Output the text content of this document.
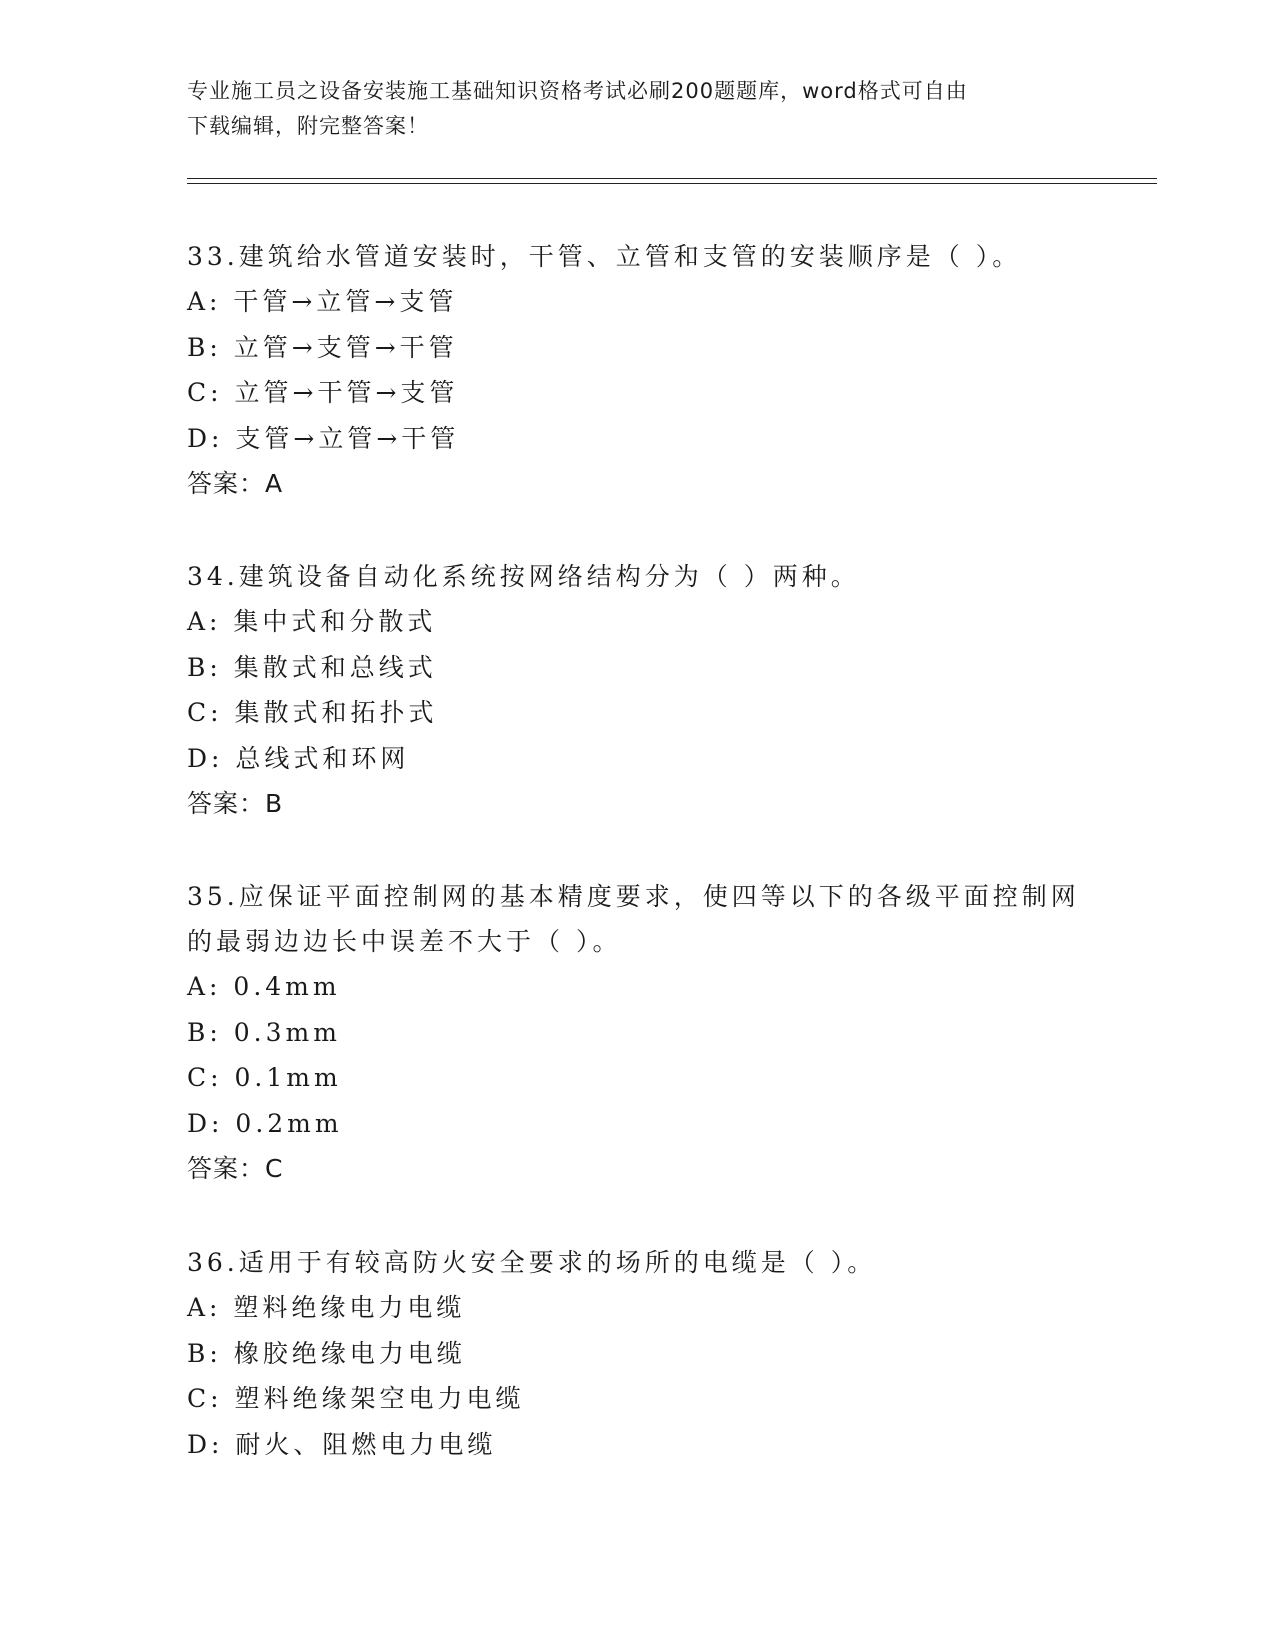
专业施工员之设备安装施工基础知识资格考试必刷200题题库，word格式可自由
下载编辑，附完整答案！
33.建筑给水管道安装时，干管、立管和支管的安装顺序是（ ）。
A: 干管→立管→支管
B: 立管→支管→干管
C: 立管→干管→支管
D: 支管→立管→干管
答案：A
34.建筑设备自动化系统按网络结构分为（ ）两种。
A: 集中式和分散式
B: 集散式和总线式
C: 集散式和拓扑式
D: 总线式和环网
答案：B
35.应保证平面控制网的基本精度要求，使四等以下的各级平面控制网
的最弱边边长中误差不大于（ ）。
A: 0.4mm
B: 0.3mm
C: 0.1mm
D: 0.2mm
答案：C
36.适用于有较高防火安全要求的场所的电缆是（ ）。
A: 塑料绝缘电力电缆
B: 橡胶绝缘电力电缆
C: 塑料绝缘架空电力电缆
D: 耐火、阻燃电力电缆
